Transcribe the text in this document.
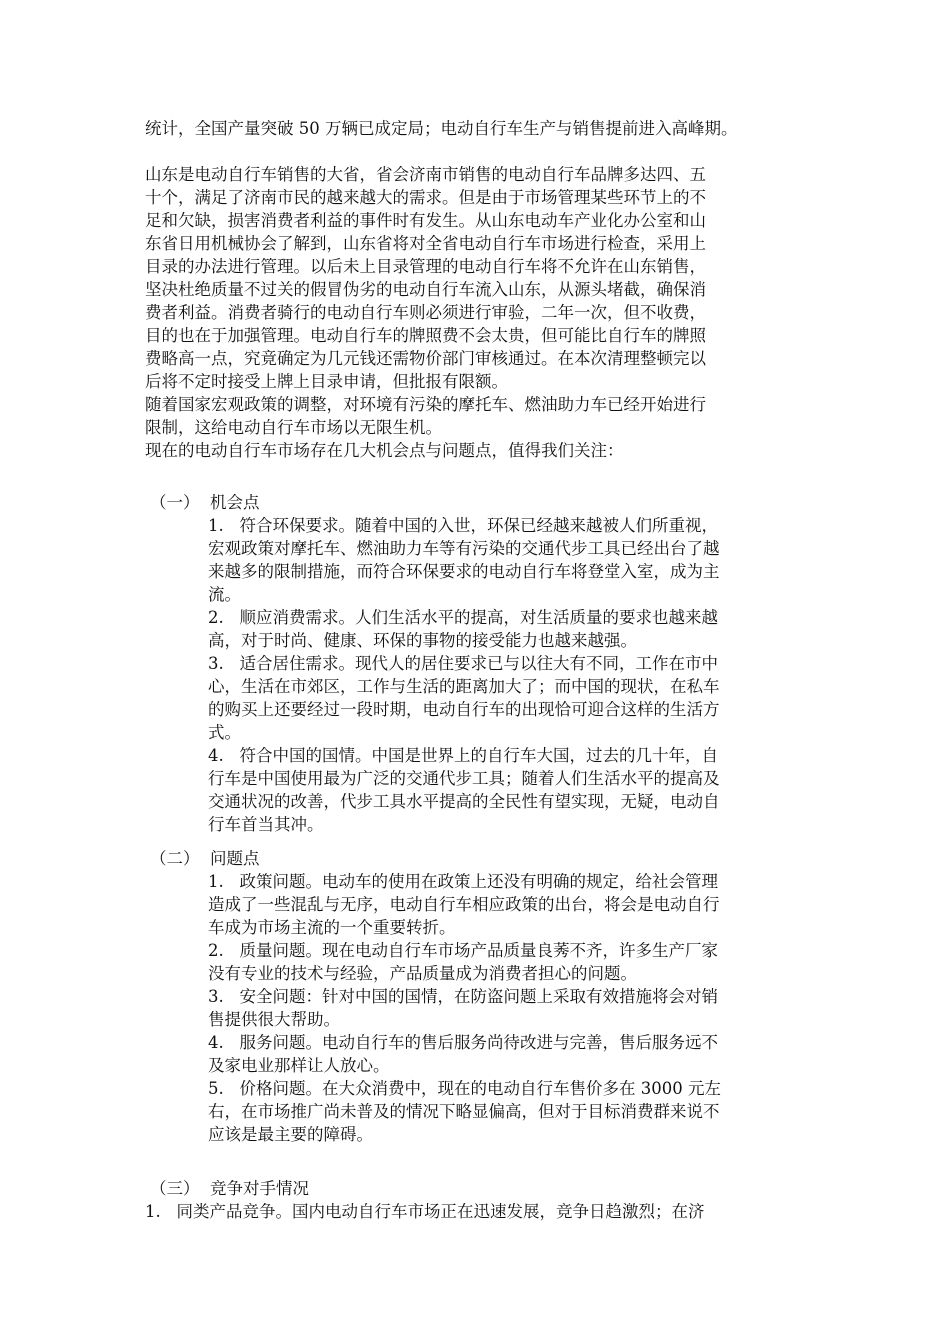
统计，全国产量突破 50 万辆已成定局；电动自行车生产与销售提前进入高峰期。

山东是电动自行车销售的大省，省会济南市销售的电动自行车品牌多达四、五
十个，满足了济南市民的越来越大的需求。但是由于市场管理某些环节上的不
足和欠缺，损害消费者利益的事件时有发生。从山东电动车产业化办公室和山
东省日用机械协会了解到，山东省将对全省电动自行车市场进行检查，采用上
目录的办法进行管理。以后未上目录管理的电动自行车将不允许在山东销售，
坚决杜绝质量不过关的假冒伪劣的电动自行车流入山东，从源头堵截，确保消
费者利益。消费者骑行的电动自行车则必须进行审验，二年一次，但不收费，
目的也在于加强管理。电动自行车的牌照费不会太贵，但可能比自行车的牌照
费略高一点，究竟确定为几元钱还需物价部门审核通过。在本次清理整顿完以
后将不定时接受上牌上目录申请，但批报有限额。

随着国家宏观政策的调整，对环境有污染的摩托车、燃油助力车已经开始进行
限制，这给电动自行车市场以无限生机。

现在的电动自行车市场存在几大机会点与问题点，值得我们关注：

（一）  机会点

1.   符合环保要求。随着中国的入世，环保已经越来越被人们所重视，
宏观政策对摩托车、燃油助力车等有污染的交通代步工具已经出台了越
来越多的限制措施，而符合环保要求的电动自行车将登堂入室，成为主
流。

2.   顺应消费需求。人们生活水平的提高，对生活质量的要求也越来越
高，对于时尚、健康、环保的事物的接受能力也越来越强。

3.   适合居住需求。现代人的居住要求已与以往大有不同，工作在市中
心，生活在市郊区，工作与生活的距离加大了；而中国的现状，在私车
的购买上还要经过一段时期，电动自行车的出现恰可迎合这样的生活方
式。

4.   符合中国的国情。中国是世界上的自行车大国，过去的几十年，自
行车是中国使用最为广泛的交通代步工具；随着人们生活水平的提高及
交通状况的改善，代步工具水平提高的全民性有望实现，无疑，电动自
行车首当其冲。

（二）  问题点

1.   政策问题。电动车的使用在政策上还没有明确的规定，给社会管理
造成了一些混乱与无序，电动自行车相应政策的出台，将会是电动自行
车成为市场主流的一个重要转折。

2.   质量问题。现在电动自行车市场产品质量良莠不齐，许多生产厂家
没有专业的技术与经验，产品质量成为消费者担心的问题。

3.   安全问题：针对中国的国情，在防盗问题上采取有效措施将会对销
售提供很大帮助。

4.   服务问题。电动自行车的售后服务尚待改进与完善，售后服务远不
及家电业那样让人放心。

5.   价格问题。在大众消费中，现在的电动自行车售价多在 3000 元左
右，在市场推广尚未普及的情况下略显偏高，但对于目标消费群来说不
应该是最主要的障碍。

（三）  竞争对手情况

1.   同类产品竞争。国内电动自行车市场正在迅速发展，竞争日趋激烈；在济
